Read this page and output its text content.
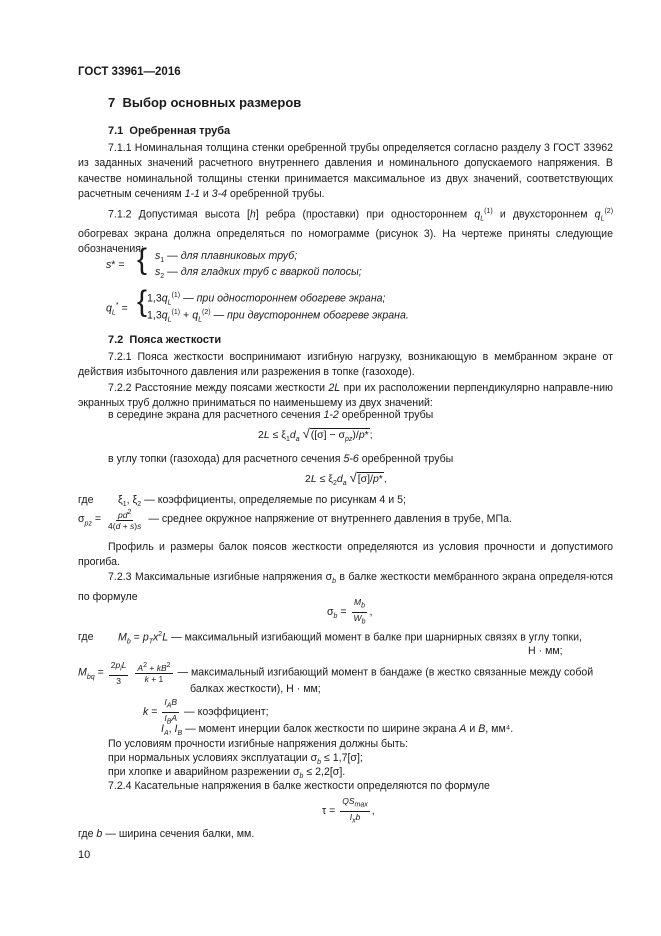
ГОСТ 33961—2016
7 Выбор основных размеров
7.1 Оребренная труба
7.1.1 Номинальная толщина стенки оребренной трубы определяется согласно разделу 3 ГОСТ 33962 из заданных значений расчетного внутреннего давления и номинального допускаемого напряжения. В качестве номинальной толщины стенки принимается максимальное из двух значений, соответствующих расчетным сечениям 1-1 и 3-4 оребренной трубы.
7.1.2 Допустимая высота [h] ребра (проставки) при одностороннем $q_L^{(1)}$ и двухстороннем $q_L^{(2)}$ обогревах экрана должна определяться по номограмме (рисунок 3). На чертеже приняты следующие обозначения:
s* = { $s_1$ — для плавниковых труб;
$s_2$ — для гладких труб с вваркой полосы;
$q_L^*$ = { $1,3q_L^{(1)}$ — при одностороннем обогреве экрана;
$1,3q_L^{(1)} + q_L^{(2)}$ — при двустороннем обогреве экрана.
7.2 Пояса жесткости
7.2.1 Пояса жесткости воспринимают изгибную нагрузку, возникающую в мембранном экране от действия избыточного давления или разрежения в топке (газоходе).
7.2.2 Расстояние между поясами жесткости 2L при их расположении перпендикулярно направле-нию экранных труб должно приниматься по наименьшему из двух значений:
в середине экрана для расчетного сечения 1-2 оребренной трубы
$2L \le \xi_1d_a$ $√([\sigma] - \sigma_{pz})/p*$;
в углу топки (газохода) для расчетного сечения 5-6 оребренной трубы
$2L \le \xi_2d_a$ √[σ]/p*,
где $\xi_1$, $\xi_2$ — коэффициенты, определяемые по рисункам 4 и 5;
$\sigma_{pz} = \frac{pd^2}{4(d + s)s}$ — среднее окружное напряжение от внутреннего давления в трубе, МПа.
Профиль и размеры балок поясов жесткости определяются из условия прочности и допустимого прогиба.
7.2.3 Максимальные изгибные напряжения $\sigma_b$ в балке жесткости мембранного экрана определя-ются по формуле
$\sigma_b = \frac{M_b}{W_b}$ ,
где $M_b = p_Tx^2L$ — максимальный изгибающий момент в балке при шарнирных связях в углу топки,
Н · мм;
$M_{bq} = \frac{2p_iL}{3}$
$\frac{A^2 + kB^2}{k + 1}$ — максимальный изгибающий момент в бандаже (в жестко связанные между собой
балках жесткости), Н · мм;
$k = \frac{I_AB}{I_BA}$ — коэффициент;
$I_A$, $I_B$ — момент инерции балок жесткости по ширине экрана A и B, мм⁴.
По условиям прочности изгибные напряжения должны быть:
при нормальных условиях эксплуатации $\sigma_b \le 1,7[\sigma]$;
при хлопке и аварийном разрежении $\sigma_b \le 2,2[\sigma]$.
7.2.4 Касательные напряжения в балке жесткости определяются по формуле
$\tau = \frac{QS_{max}}{I_xb}$ ,
где b — ширина сечения балки, мм.
10
